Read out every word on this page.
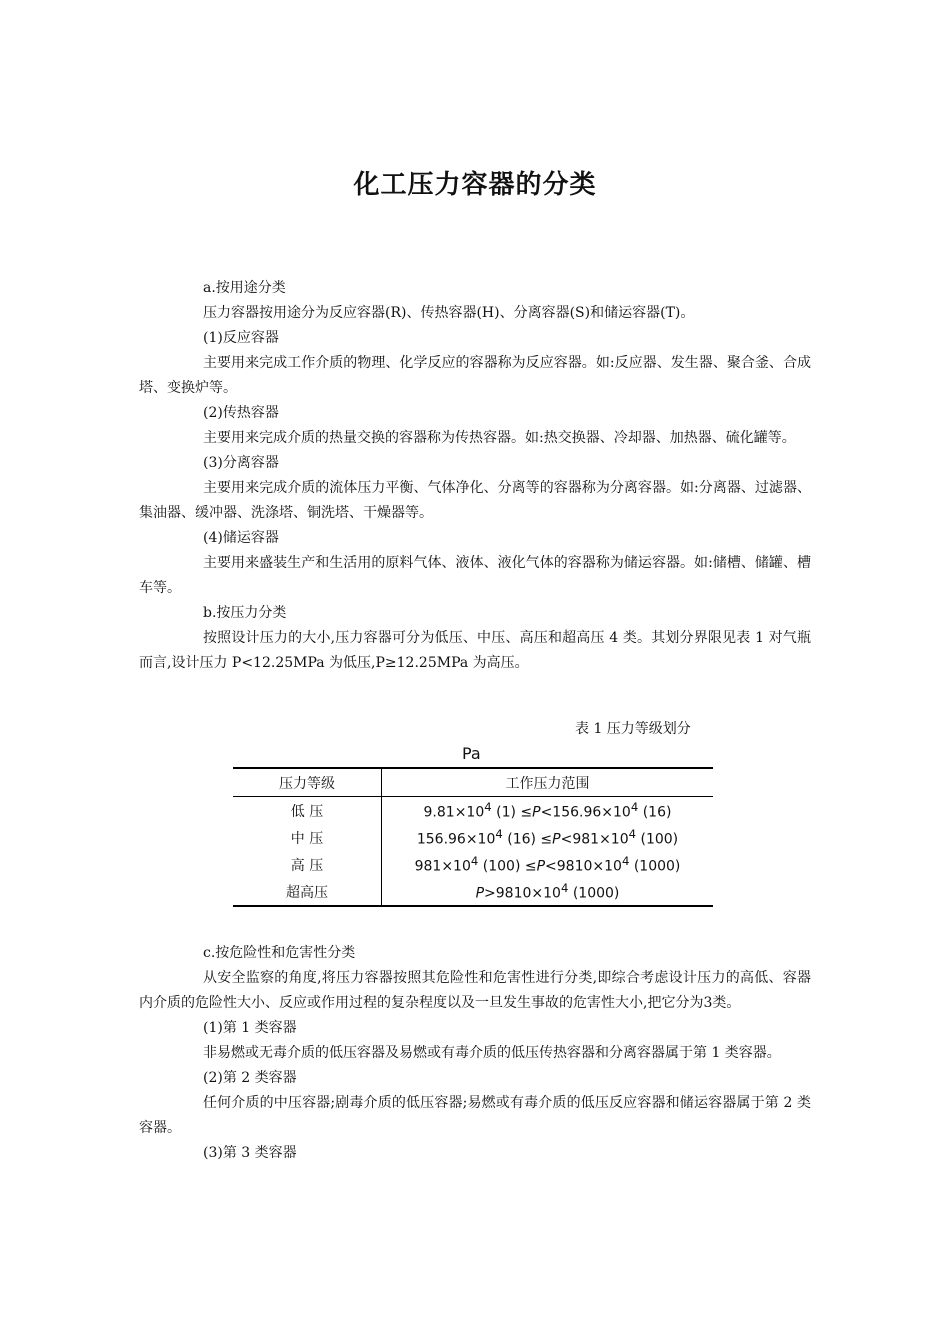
化工压力容器的分类

a.按用途分类

压力容器按用途分为反应容器(R)、传热容器(H)、分离容器(S)和储运容器(T)。

(1)反应容器

主要用来完成工作介质的物理、化学反应的容器称为反应容器。如:反应器、发生器、聚合釜、合成塔、变换炉等。

(2)传热容器

主要用来完成介质的热量交换的容器称为传热容器。如:热交换器、冷却器、加热器、硫化罐等。

(3)分离容器

主要用来完成介质的流体压力平衡、气体净化、分离等的容器称为分离容器。如:分离器、过滤器、集油器、缓冲器、洗涤塔、铜洗塔、干燥器等。

(4)储运容器

主要用来盛装生产和生活用的原料气体、液体、液化气体的容器称为储运容器。如:储槽、储罐、槽车等。

b.按压力分类

按照设计压力的大小,压力容器可分为低压、中压、高压和超高压 4 类。其划分界限见表 1 对气瓶而言,设计压力 P<12.25MPa 为低压,P≥12.25MPa 为高压。

表 1 压力等级划分
Pa
压力等级	工作压力范围
低 压	$9.81\times 10^4$ $(1) \le P<156.96\times 10^4$ (16)
中 压	$156.96\times 10^4$ $(16) \le P<981\times 10^4$ (100)
高 压	$981\times 10^4$ $(100) \le P<9810\times 10^4$ (1000)
超高压	$P>9810\times 10^4$ (1000)

c.按危险性和危害性分类

从安全监察的角度,将压力容器按照其危险性和危害性进行分类,即综合考虑设计压力的高低、容器内介质的危险性大小、反应或作用过程的复杂程度以及一旦发生事故的危害性大小,把它分为3类。

(1)第 1 类容器

非易燃或无毒介质的低压容器及易燃或有毒介质的低压传热容器和分离容器属于第 1 类容器。

(2)第 2 类容器

任何介质的中压容器;剧毒介质的低压容器;易燃或有毒介质的低压反应容器和储运容器属于第 2 类容器。

(3)第 3 类容器
